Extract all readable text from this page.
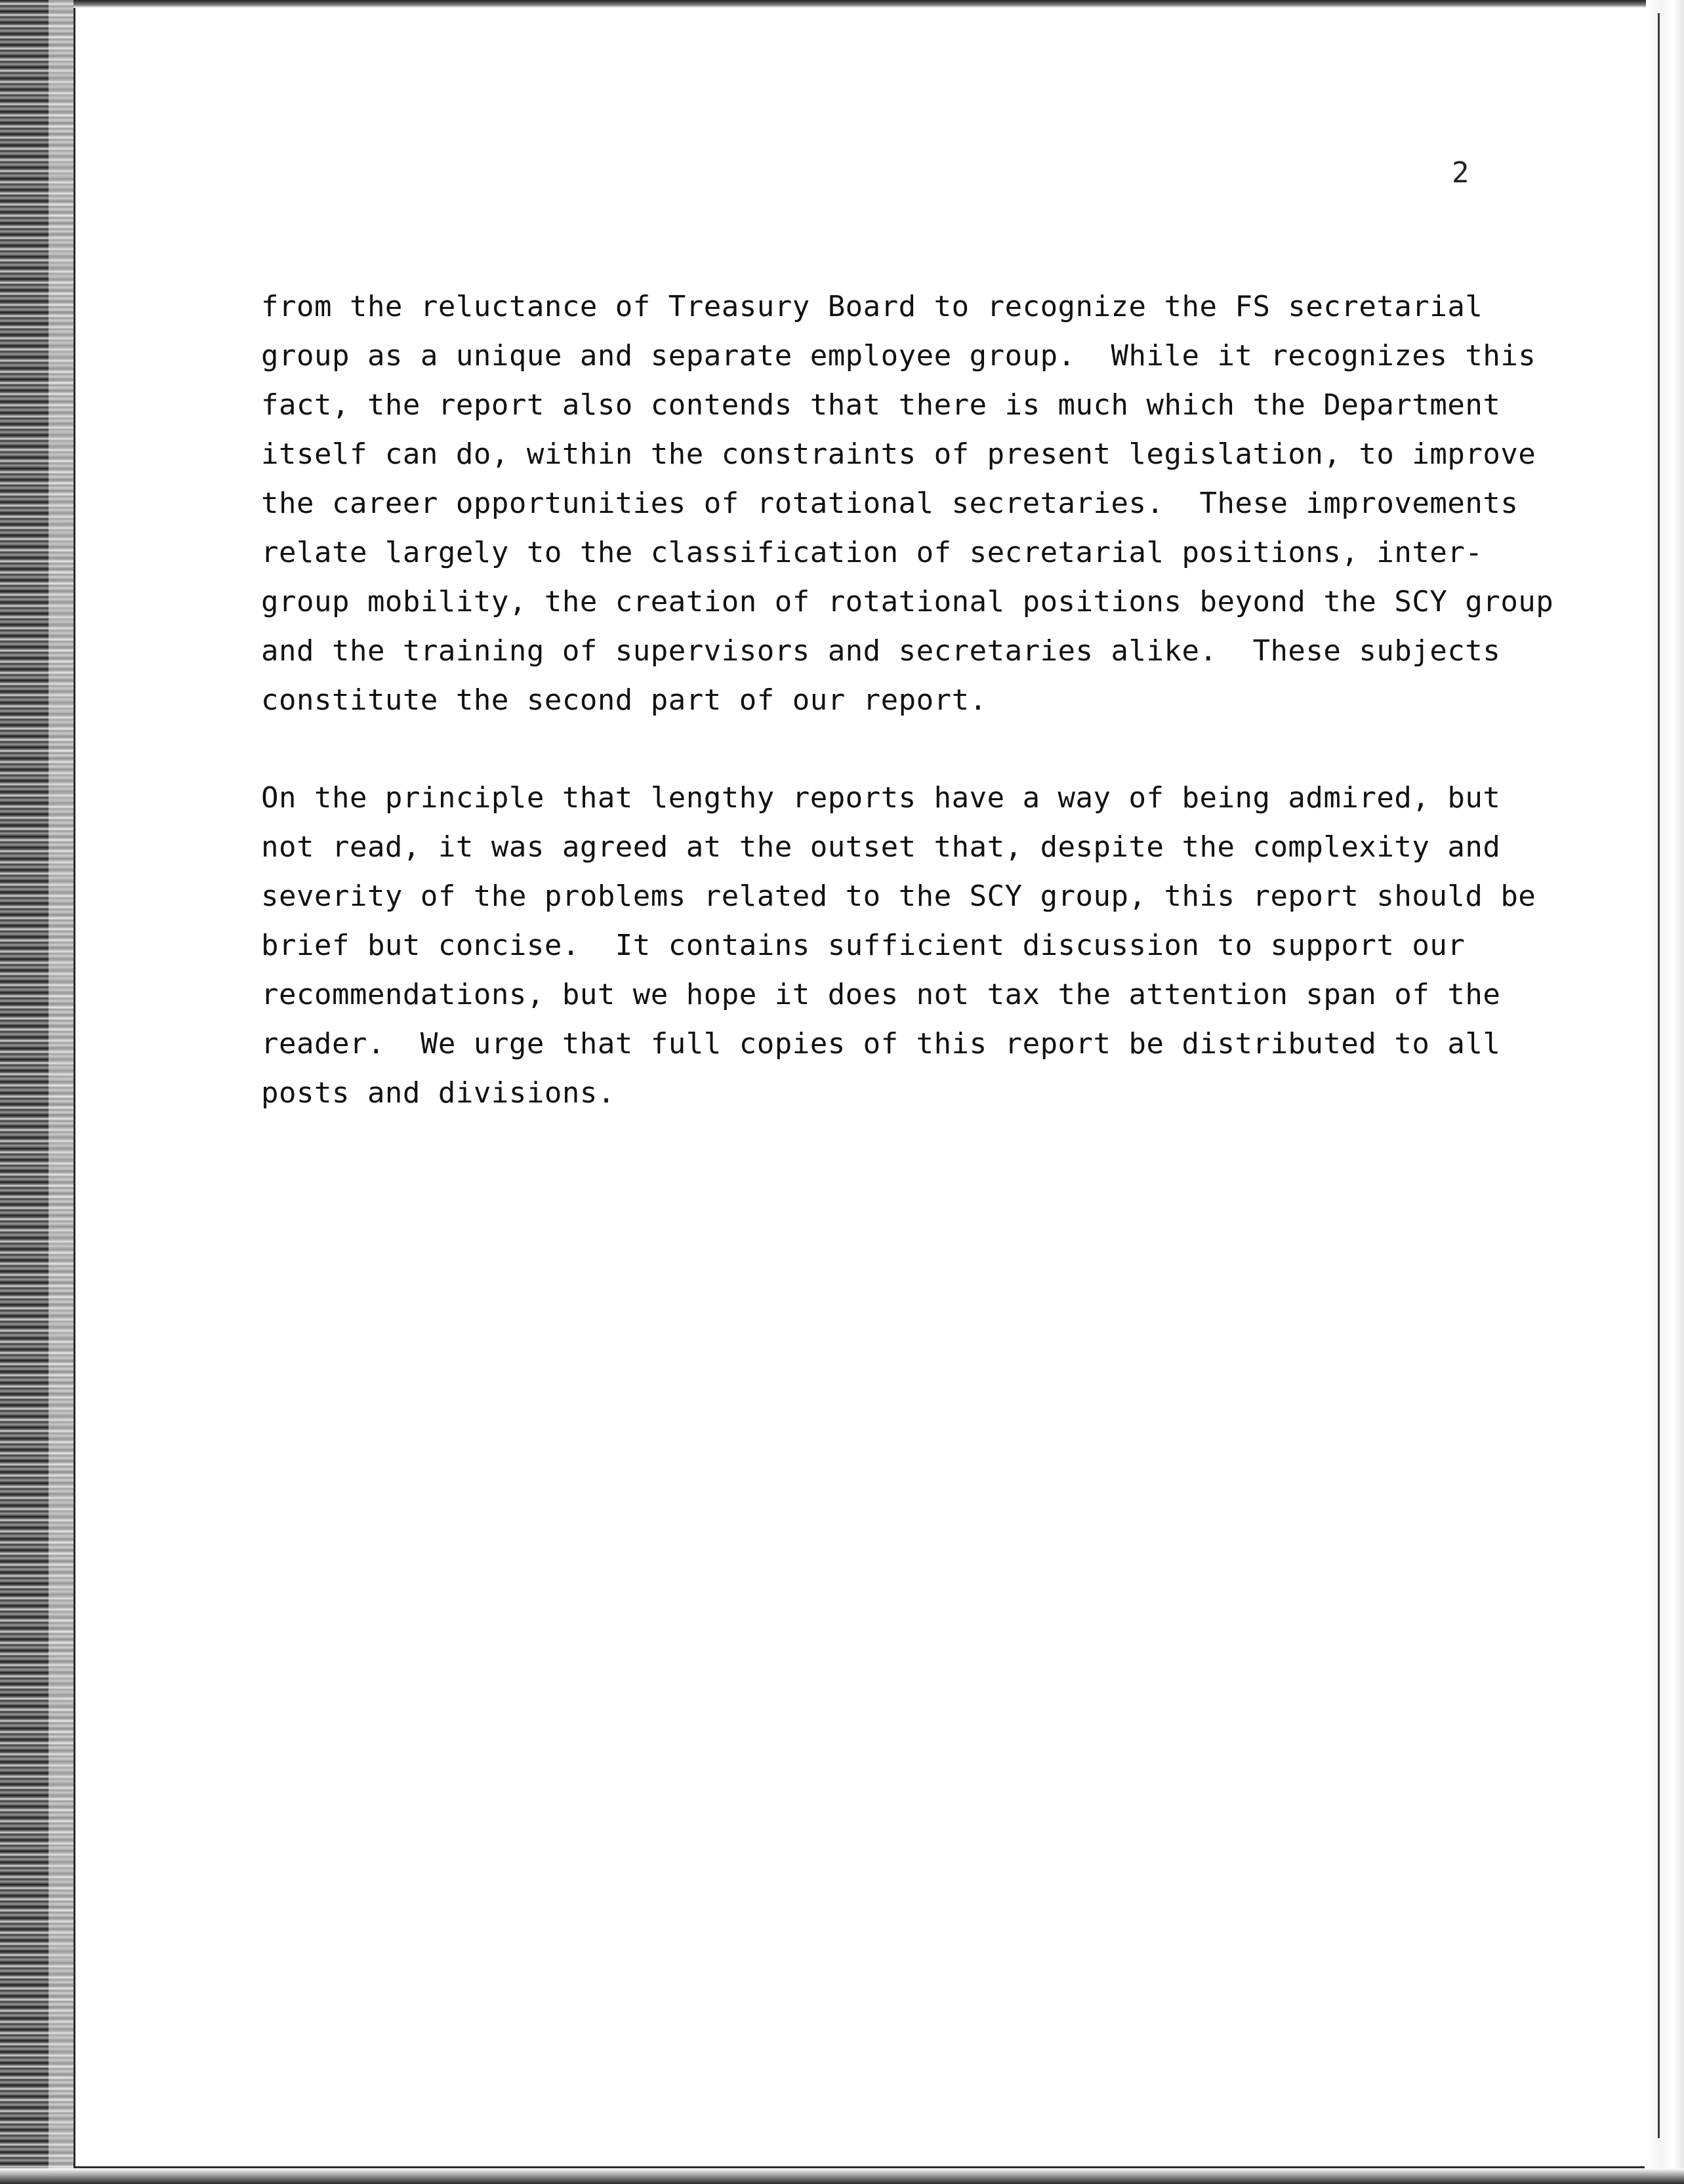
2
from the reluctance of Treasury Board to recognize the FS secretarial
group as a unique and separate employee group.  While it recognizes this
fact, the report also contends that there is much which the Department
itself can do, within the constraints of present legislation, to improve
the career opportunities of rotational secretaries.  These improvements
relate largely to the classification of secretarial positions, inter-
group mobility, the creation of rotational positions beyond the SCY group
and the training of supervisors and secretaries alike.  These subjects
constitute the second part of our report.
On the principle that lengthy reports have a way of being admired, but
not read, it was agreed at the outset that, despite the complexity and
severity of the problems related to the SCY group, this report should be
brief but concise.  It contains sufficient discussion to support our
recommendations, but we hope it does not tax the attention span of the
reader.  We urge that full copies of this report be distributed to all
posts and divisions.
